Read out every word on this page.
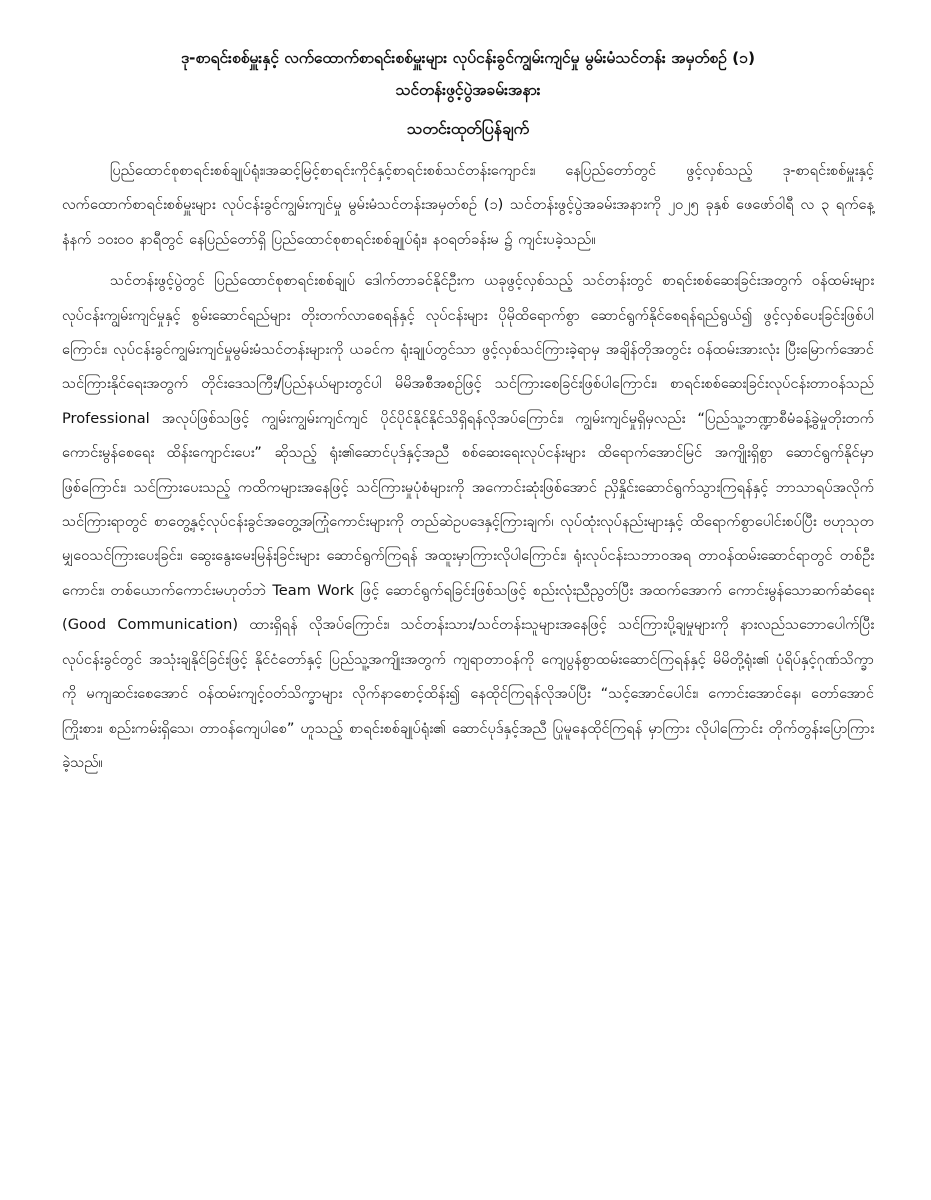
ဒု-စာရင်းစစ်မှူးနှင့် လက်ထောက်စာရင်းစစ်မှူးများ လုပ်ငန်းခွင်ကျွမ်းကျင်မှု မွမ်းမံသင်တန်း အမှတ်စဉ် (၁)

သင်တန်းဖွင့်ပွဲအခမ်းအနား

သတင်းထုတ်ပြန်ချက်

ပြည်ထောင်စုစာရင်းစစ်ချုပ်ရုံး၊အဆင့်မြင့်စာရင်းကိုင်နှင့်စာရင်းစစ်သင်တန်းကျောင်း၊ နေပြည်တော်တွင် ဖွင့်လှစ်သည့် ဒု-စာရင်းစစ်မှူးနှင့် လက်ထောက်စာရင်းစစ်မှူးများ လုပ်ငန်းခွင်ကျွမ်းကျင်မှု မွမ်းမံသင်တန်းအမှတ်စဉ် (၁) သင်တန်းဖွင့်ပွဲအခမ်းအနားကို ၂၀၂၅ ခုနှစ် ဖေဖော်ဝါရီ လ ၃ ရက်နေ့ နံနက် ၁၀း၀၀ နာရီတွင် နေပြည်တော်ရှိ ပြည်ထောင်စုစာရင်းစစ်ချုပ်ရုံး၊ နဝရတ်ခန်းမ ၌ ကျင်းပခဲ့သည်။

သင်တန်းဖွင့်ပွဲတွင် ပြည်ထောင်စုစာရင်းစစ်ချုပ် ဒေါက်တာခင်နိုင်ဦးက ယခုဖွင့်လှစ်သည့် သင်တန်းတွင် စာရင်းစစ်ဆေးခြင်းအတွက် ဝန်ထမ်းများ လုပ်ငန်းကျွမ်းကျင်မှုနှင့် စွမ်းဆောင်ရည်များ တိုးတက်လာစေရန်နှင့် လုပ်ငန်းများ ပိုမိုထိရောက်စွာ ဆောင်ရွက်နိုင်စေရန်ရည်ရွယ်၍ ဖွင့်လှစ်ပေးခြင်းဖြစ်ပါကြောင်း၊ လုပ်ငန်းခွင်ကျွမ်းကျင်မှုမွမ်းမံသင်တန်းများကို ယခင်က ရုံးချုပ်တွင်သာ ဖွင့်လှစ်သင်ကြားခဲ့ရာမှ အချိန်တိုအတွင်း ဝန်ထမ်းအားလုံး ပြီးမြောက်အောင် သင်ကြားနိုင်ရေးအတွက် တိုင်းဒေသကြီး/ပြည်နယ်များတွင်ပါ မိမိအစီအစဉ်ဖြင့် သင်ကြားစေခြင်းဖြစ်ပါကြောင်း၊ စာရင်းစစ်ဆေးခြင်းလုပ်ငန်းတာဝန်သည် Professional အလုပ်ဖြစ်သဖြင့် ကျွမ်းကျွမ်းကျင်ကျင် ပိုင်ပိုင်နိုင်နိုင်သိရှိရန်လိုအပ်ကြောင်း၊ ကျွမ်းကျင်မှုရှိမှလည်း “ပြည်သူ့ဘဏ္ဍာစီမံခန့်ခွဲမှုတိုးတက် ကောင်းမွန်စေရေး ထိန်းကျောင်းပေး” ဆိုသည့် ရုံး၏ဆောင်ပုဒ်နှင့်အညီ စစ်ဆေးရေးလုပ်ငန်းများ ထိရောက်အောင်မြင် အကျိုးရှိစွာ ဆောင်ရွက်နိုင်မှာဖြစ်ကြောင်း၊ သင်ကြားပေးသည့် ကထိကများအနေဖြင့် သင်ကြားမှုပုံစံများကို အကောင်းဆုံးဖြစ်အောင် ညှိနှိုင်းဆောင်ရွက်သွားကြရန်နှင့် ဘာသာရပ်အလိုက်သင်ကြားရာတွင် စာတွေ့နှင့်လုပ်ငန်းခွင်အတွေ့အကြုံကောင်းများကို တည်ဆဲဥပဒေနှင့်ကြားချက်၊ လုပ်ထုံးလုပ်နည်းများနှင့် ထိရောက်စွာပေါင်းစပ်ပြီး ဗဟုသုတမျှဝေသင်ကြားပေးခြင်း၊ ဆွေးနွေးမေးမြန်းခြင်းများ ဆောင်ရွက်ကြရန် အထူးမှာကြားလိုပါကြောင်း၊ ရုံးလုပ်ငန်းသဘာဝအရ တာဝန်ထမ်းဆောင်ရာတွင် တစ်ဦးကောင်း၊ တစ်ယောက်ကောင်းမဟုတ်ဘဲ Team Work ဖြင့် ဆောင်ရွက်ရခြင်းဖြစ်သဖြင့် စည်းလုံးညီညွတ်ပြီး အထက်အောက် ကောင်းမွန်သောဆက်ဆံရေး (Good Communication) ထားရှိရန် လိုအပ်ကြောင်း၊ သင်တန်းသား/သင်တန်းသူများအနေဖြင့် သင်ကြားပို့ချမှုများကို နားလည်သဘောပေါက်ပြီး လုပ်ငန်းခွင်တွင် အသုံးချနိုင်ခြင်းဖြင့် နိုင်ငံတော်နှင့် ပြည်သူ့အကျိုးအတွက် ကျရာတာဝန်ကို ကျေပွန်စွာထမ်းဆောင်ကြရန်နှင့် မိမိတို့ရုံး၏ ပုံရိပ်နှင့်ဂုဏ်သိက္ခာကို မကျဆင်းစေအောင် ဝန်ထမ်းကျင့်ဝတ်သိက္ခာများ လိုက်နာစောင့်ထိန်း၍ နေထိုင်ကြရန်လိုအပ်ပြီး “သင့်အောင်ပေါင်း၊ ကောင်းအောင်နေ၊ တော်အောင်ကြိုးစား၊ စည်းကမ်းရှိသေ၊ တာဝန်ကျေပါစေ” ဟူသည့် စာရင်းစစ်ချုပ်ရုံး၏ ဆောင်ပုဒ်နှင့်အညီ ပြုမူနေထိုင်ကြရန် မှာကြား လိုပါကြောင်း တိုက်တွန်းပြောကြားခဲ့သည်။
